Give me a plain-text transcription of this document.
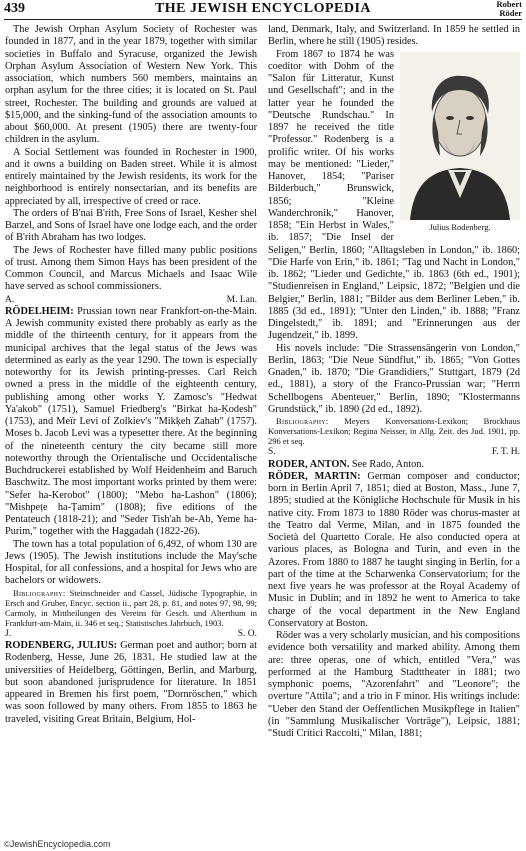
439	THE JEWISH ENCYCLOPEDIA	Robert
Röder

The Jewish Orphan Asylum Society of Rochester was founded in 1877, and in the year 1879, together with similar societies in Buffalo and Syracuse, organized the Jewish Orphan Asylum Association of Western New York. This association, which numbers 560 members, maintains an orphan asylum for the three cities; it is located on St. Paul street, Rochester. The building and grounds are valued at $15,000, and the sinking-fund of the association amounts to about $60,000. At present (1905) there are twenty-four children in the asylum.

A Social Settlement was founded in Rochester in 1900, and it owns a building on Baden street. While it is almost entirely maintained by the Jewish residents, its work for the neighborhood is entirely nonsectarian, and its benefits are appreciated by all, irrespective of creed or race.

The orders of B'nai B'rith, Free Sons of Israel, Kesher shel Barzel, and Sons of Israel have one lodge each, and the order of B'rith Abraham has two lodges.

The Jews of Rochester have filled many public positions of trust. Among them Simon Hays has been president of the Common Council, and Marcus Michaels and Isaac Wile have served as school commissioners.

A.	M. Lan.

RÖDELHEIM: Prussian town near Frankfort-on-the-Main. A Jewish community existed there probably as early as the middle of the thirteenth century, for it appears from the municipal archives that the legal status of the Jews was determined as early as the year 1290. The town is especially noteworthy for its Jewish printing-presses. Carl Reich owned a press in the middle of the eighteenth century, publishing among other works Y. Zamosc's "Hedwat Ya'akob" (1751), Samuel Friedberg's "Birkat ha-Ḳodesh" (1753), and Meïr Levi of Zolkiev's "Mikḳeh Zahab" (1757). Moses b. Jacob Levi was a typesetter there. At the beginning of the nineteenth century the city became still more noteworthy through the Orientalische und Occidentalische Buchdruckerei established by Wolf Heidenheim and Baruch Baschwitz. The most important works printed by them were: "Sefer ha-Kerobot" (1800); "Mebo ha-Lashon" (1806); "Mishpeṭe ha-Ṭamim" (1808); five editions of the Pentateuch (1818-21); and "Seder Tish'ah be-Ab, Yeme ha-Purim," together with the Haggadah (1822-26).

The town has a total population of 6,492, of whom 130 are Jews (1905). The Jewish institutions include the May'sche Hospital, for all confessions, and a hospital for Jews who are bachelors or widowers.

Bibliography: Steinschneider and Cassel, Jüdische Typographie, in Ersch and Gruber, Encyc. section ii., part 28, p. 81, and notes 97, 98, 99; Carmoly, in Mittheilungen des Vereins für Gesch. und Alterthum in Frankfurt-am-Main, ii. 346 et seq.; Statistisches Jahrbuch, 1903.

J.	S. O.

RODENBERG, JULIUS: German poet and author; born at Rodenberg, Hesse, June 26, 1831. He studied law at the universities of Heidelberg, Göttingen, Berlin, and Marburg, but soon abandoned jurisprudence for literature. In 1851 appeared in Bremen his first poem, "Dornröschen," which was soon followed by many others. From 1855 to 1863 he traveled, visiting Great Britain, Belgium, Hol-

land, Denmark, Italy, and Switzerland. In 1859 he settled in Berlin, where he still (1905) resides.

Julius Rodenberg.

From 1867 to 1874 he was coeditor with Dohm of the "Salon für Litteratur, Kunst und Gesellschaft"; and in the latter year he founded the "Deutsche Rundschau." In 1897 he received the title "Professor." Rodenberg is a prolific writer. Of his works may be mentioned: "Lieder," Hanover, 1854; "Pariser Bilderbuch," Brunswick, 1856; "Kleine Wanderchronik," Hanover, 1858; "Ein Herbst in Wales," ib. 1857; "Die Insel der Seligen," Berlin, 1860; "Alltagsleben in London," ib. 1860; "Die Harfe von Erin," ib. 1861; "Tag und Nacht in London," ib. 1862; "Lieder und Gedichte," ib. 1863 (6th ed., 1901); "Studienreisen in England," Leipsic, 1872; "Belgien und die Belgier," Berlin, 1881; "Bilder aus dem Berliner Leben," ib. 1885 (3d ed., 1891); "Unter den Linden," ib. 1888; "Franz Dingelstedt," ib. 1891; and "Erinnerungen aus der Jugendzeit," ib. 1899.

His novels include: "Die Strassensängerin von London," Berlin, 1863; "Die Neue Sündflut," ib. 1865; "Von Gottes Gnaden," ib. 1870; "Die Grandidiers," Stuttgart, 1879 (2d ed., 1881), a story of the Franco-Prussian war; "Herrn Schellbogens Abenteuer," Berlin, 1890; "Klostermanns Grundstück," ib. 1890 (2d ed., 1892).

Bibliography: Meyers Konversations-Lexikon; Brockhaus Konversations-Lexikon; Regina Neisser, in Allg. Zeit. des Jud. 1901, pp. 296 et seq.

S.	F. T. H.

RODER, ANTON. See Rado, Anton.

RÖDER, MARTIN: German composer and conductor; born in Berlin April 7, 1851; died at Boston, Mass., June 7, 1895; studied at the Königliche Hochschule für Musik in his native city. From 1873 to 1880 Röder was chorus-master at the Teatro dal Verme, Milan, and in 1875 founded the Società del Quartetto Corale. He also conducted opera at various places, as Bologna and Turin, and even in the Azores. From 1880 to 1887 he taught singing in Berlin, for a part of the time at the Scharwenka Conservatorium; for the next five years he was professor at the Royal Academy of Music in Dublin; and in 1892 he went to America to take charge of the vocal department in the New England Conservatory at Boston.

Röder was a very scholarly musician, and his compositions evidence both versatility and marked ability. Among them are: three operas, one of which, entitled "Vera," was performed at the Hamburg Stadttheater in 1881; two symphonic poems, "Azorenfahrt" and "Leonore"; the overture "Attila"; and a trio in F minor. His writings include: "Ueber den Stand der Oeffentlichen Musikpflege in Italien" (in "Sammlung Musikalischer Vorträge"), Leipsic, 1881; "Studi Critici Raccolti," Milan, 1881;

©JewishEncyclopedia.com
